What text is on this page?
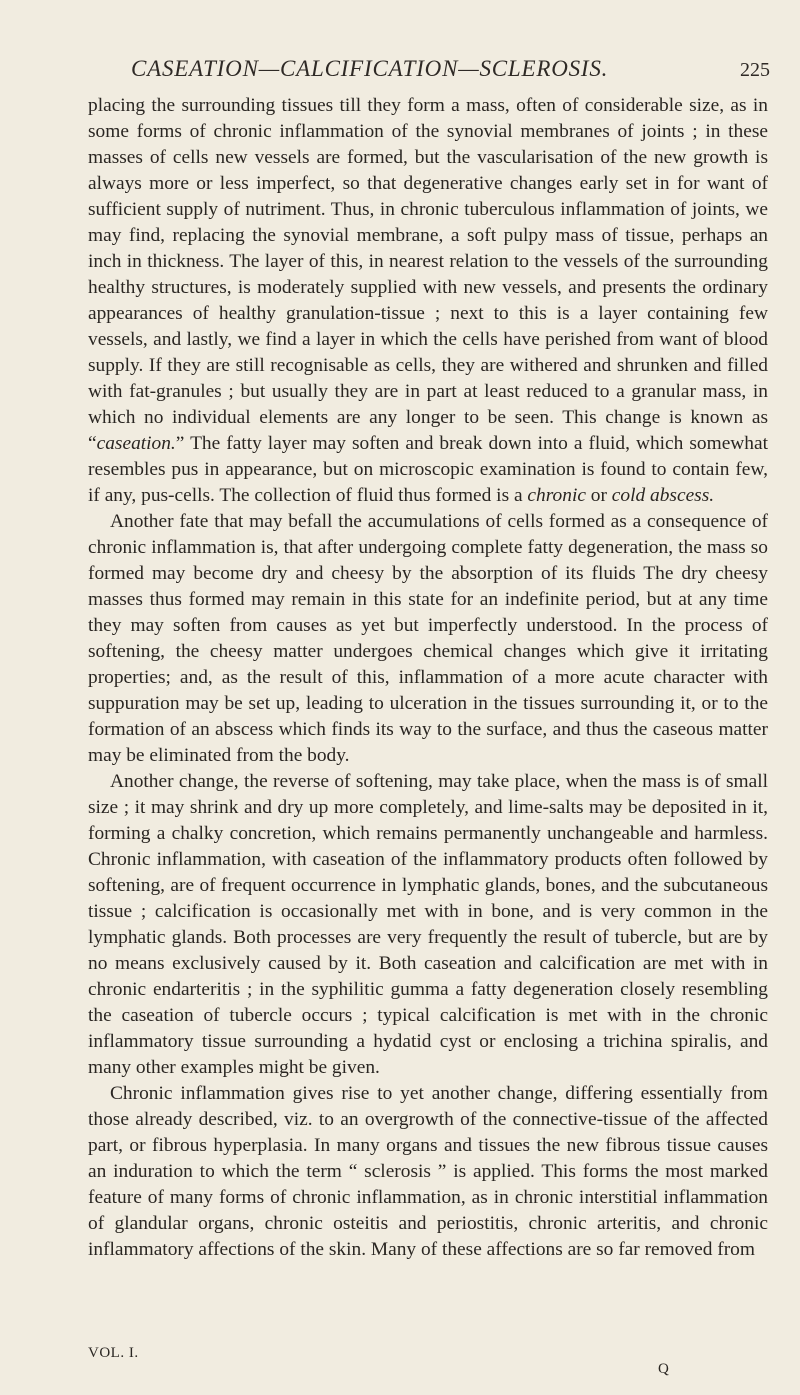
CASEATION—CALCIFICATION—SCLEROSIS.	225

placing the surrounding tissues till they form a mass, often of considerable size, as in some forms of chronic inflammation of the synovial membranes of joints ; in these masses of cells new vessels are formed, but the vascularisation of the new growth is always more or less imperfect, so that degenerative changes early set in for want of sufficient supply of nutriment. Thus, in chronic tuberculous inflammation of joints, we may find, replacing the synovial membrane, a soft pulpy mass of tissue, perhaps an inch in thickness. The layer of this, in nearest relation to the vessels of the surrounding healthy structures, is moderately supplied with new vessels, and presents the ordinary appearances of healthy granulation-tissue ; next to this is a layer containing few vessels, and lastly, we find a layer in which the cells have perished from want of blood supply. If they are still recognisable as cells, they are withered and shrunken and filled with fat-granules ; but usually they are in part at least reduced to a granular mass, in which no individual elements are any longer to be seen. This change is known as “caseation.” The fatty layer may soften and break down into a fluid, which somewhat resembles pus in appearance, but on microscopic examination is found to contain few, if any, pus-cells. The collection of fluid thus formed is a chronic or cold abscess.

Another fate that may befall the accumulations of cells formed as a consequence of chronic inflammation is, that after undergoing complete fatty degeneration, the mass so formed may become dry and cheesy by the absorption of its fluids The dry cheesy masses thus formed may remain in this state for an indefinite period, but at any time they may soften from causes as yet but imperfectly understood. In the process of softening, the cheesy matter undergoes chemical changes which give it irritating properties; and, as the result of this, inflammation of a more acute character with suppuration may be set up, leading to ulceration in the tissues surrounding it, or to the formation of an abscess which finds its way to the surface, and thus the caseous matter may be eliminated from the body.

Another change, the reverse of softening, may take place, when the mass is of small size ; it may shrink and dry up more completely, and lime-salts may be deposited in it, forming a chalky concretion, which remains permanently unchangeable and harmless. Chronic inflammation, with caseation of the inflammatory products often followed by softening, are of frequent occurrence in lymphatic glands, bones, and the subcutaneous tissue ; calcification is occasionally met with in bone, and is very common in the lymphatic glands. Both processes are very frequently the result of tubercle, but are by no means exclusively caused by it. Both caseation and calcification are met with in chronic endarteritis ; in the syphilitic gumma a fatty degeneration closely resembling the caseation of tubercle occurs ; typical calcification is met with in the chronic inflammatory tissue surrounding a hydatid cyst or enclosing a trichina spiralis, and many other examples might be given.

Chronic inflammation gives rise to yet another change, differing essentially from those already described, viz. to an overgrowth of the connective-tissue of the affected part, or fibrous hyperplasia. In many organs and tissues the new fibrous tissue causes an induration to which the term “ sclerosis ” is applied. This forms the most marked feature of many forms of chronic inflammation, as in chronic interstitial inflammation of glandular organs, chronic osteitis and periostitis, chronic arteritis, and chronic inflammatory affections of the skin. Many of these affections are so far removed from

VOL. I.
Q
